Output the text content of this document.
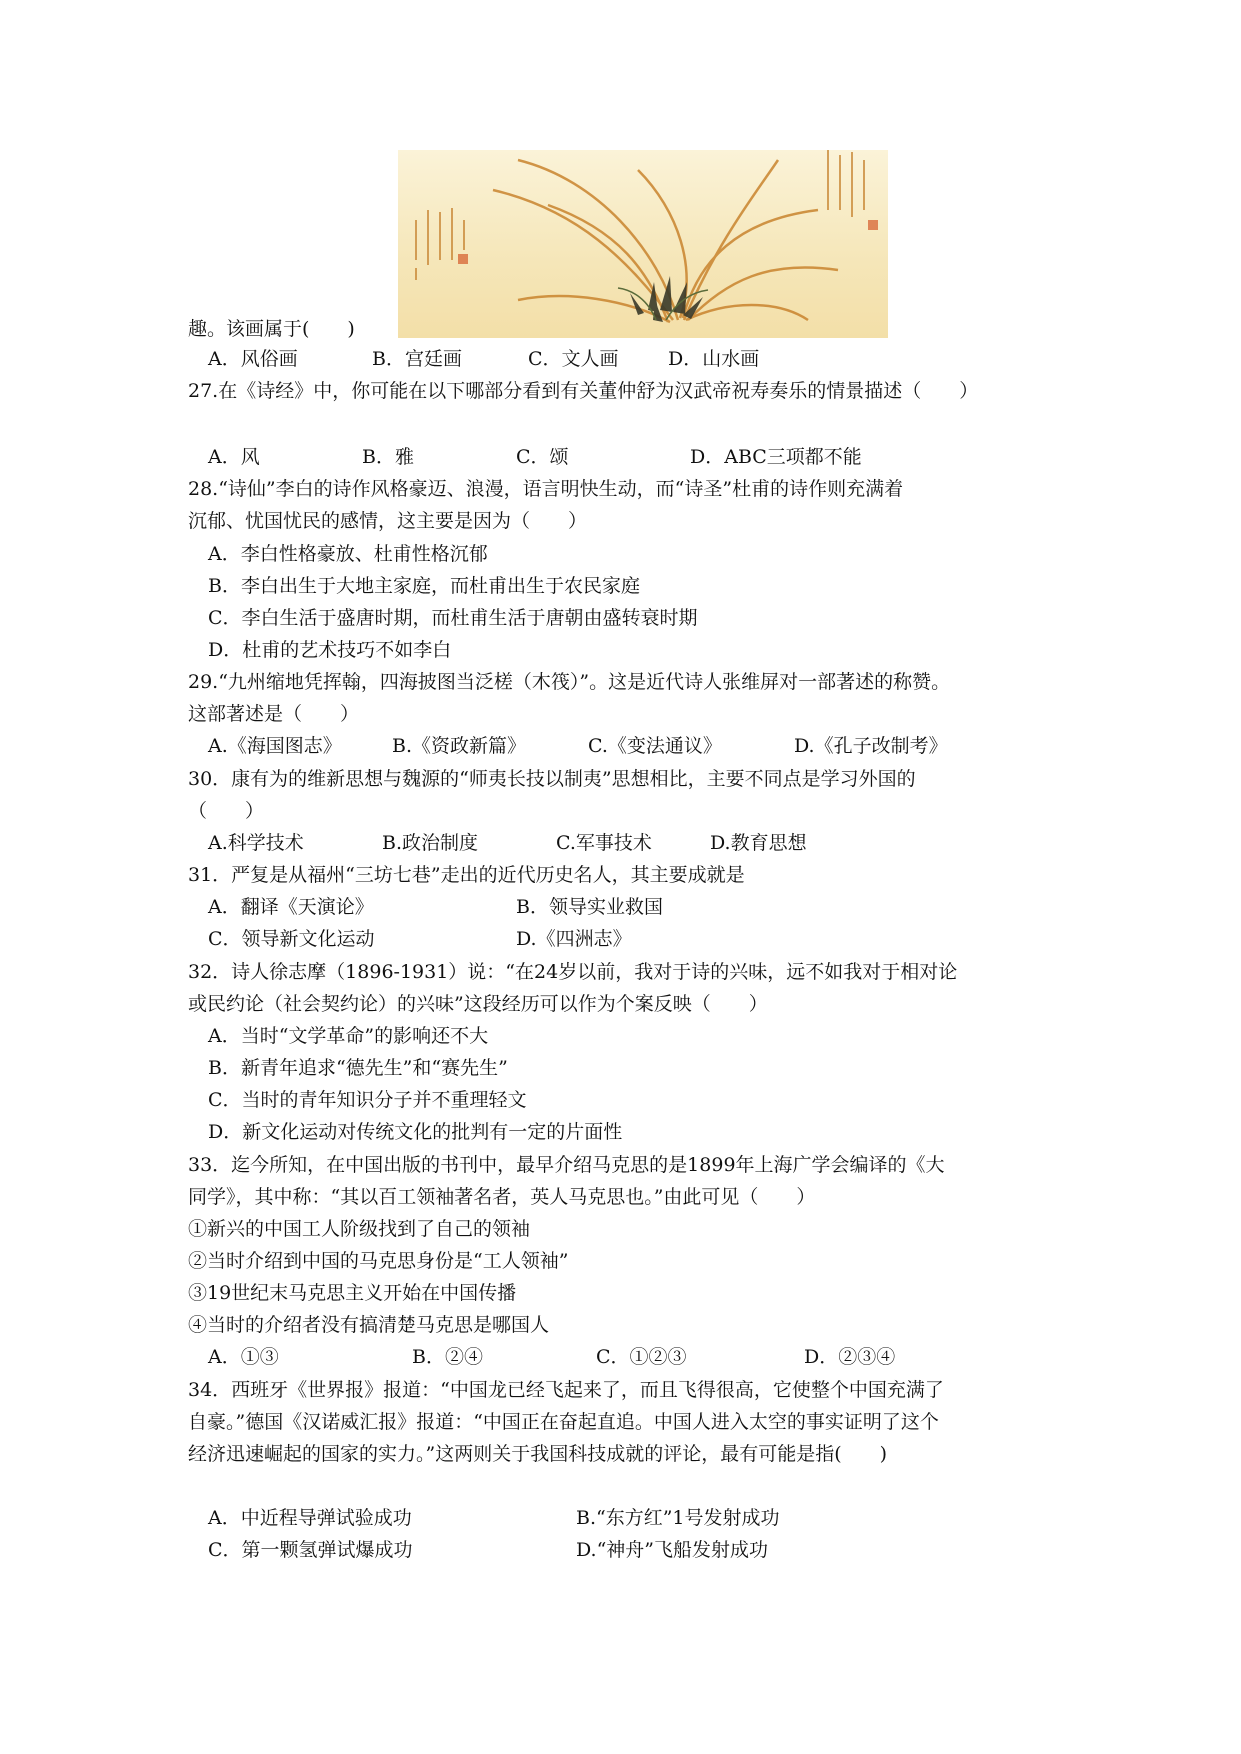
趣。该画属于(　　)
A．风俗画	B．宫廷画	C．文人画	D．山水画
27.在《诗经》中，你可能在以下哪部分看到有关董仲舒为汉武帝祝寿奏乐的情景描述（　　）
A．风	B．雅	C．颂	D．ABC三项都不能
28.“诗仙”李白的诗作风格豪迈、浪漫，语言明快生动，而“诗圣”杜甫的诗作则充满着
沉郁、忧国忧民的感情，这主要是因为（　　）
A．李白性格豪放、杜甫性格沉郁
B．李白出生于大地主家庭，而杜甫出生于农民家庭
C．李白生活于盛唐时期，而杜甫生活于唐朝由盛转衰时期
D．杜甫的艺术技巧不如李白
29.“九州缩地凭挥翰，四海披图当泛槎（木筏）”。这是近代诗人张维屏对一部著述的称赞。
这部著述是（　　）
A.《海国图志》	B.《资政新篇》	C.《变法通议》	D.《孔子改制考》
30．康有为的维新思想与魏源的“师夷长技以制夷”思想相比，主要不同点是学习外国的
（　　）
A.科学技术	B.政治制度	C.军事技术	D.教育思想
31．严复是从福州“三坊七巷”走出的近代历史名人，其主要成就是
A．翻译《天演论》	B．领导实业救国
C．领导新文化运动	D.《四洲志》
32．诗人徐志摩（1896-1931）说：“在24岁以前，我对于诗的兴味，远不如我对于相对论
或民约论（社会契约论）的兴味”这段经历可以作为个案反映（　　）
A．当时“文学革命”的影响还不大
B．新青年追求“德先生”和“赛先生”
C．当时的青年知识分子并不重理轻文
D．新文化运动对传统文化的批判有一定的片面性
33．迄今所知，在中国出版的书刊中，最早介绍马克思的是1899年上海广学会编译的《大
同学》，其中称：“其以百工领袖著名者，英人马克思也。”由此可见（　　）
①新兴的中国工人阶级找到了自己的领袖
②当时介绍到中国的马克思身份是“工人领袖”
③19世纪末马克思主义开始在中国传播
④当时的介绍者没有搞清楚马克思是哪国人
A．①③	B．②④	C．①②③	D．②③④
34．西班牙《世界报》报道：“中国龙已经飞起来了，而且飞得很高，它使整个中国充满了
自豪。”德国《汉诺威汇报》报道：“中国正在奋起直追。中国人进入太空的事实证明了这个
经济迅速崛起的国家的实力。”这两则关于我国科技成就的评论，最有可能是指(　　)
A．中近程导弹试验成功	B.“东方红”1号发射成功
C．第一颗氢弹试爆成功	D.“神舟”飞船发射成功
